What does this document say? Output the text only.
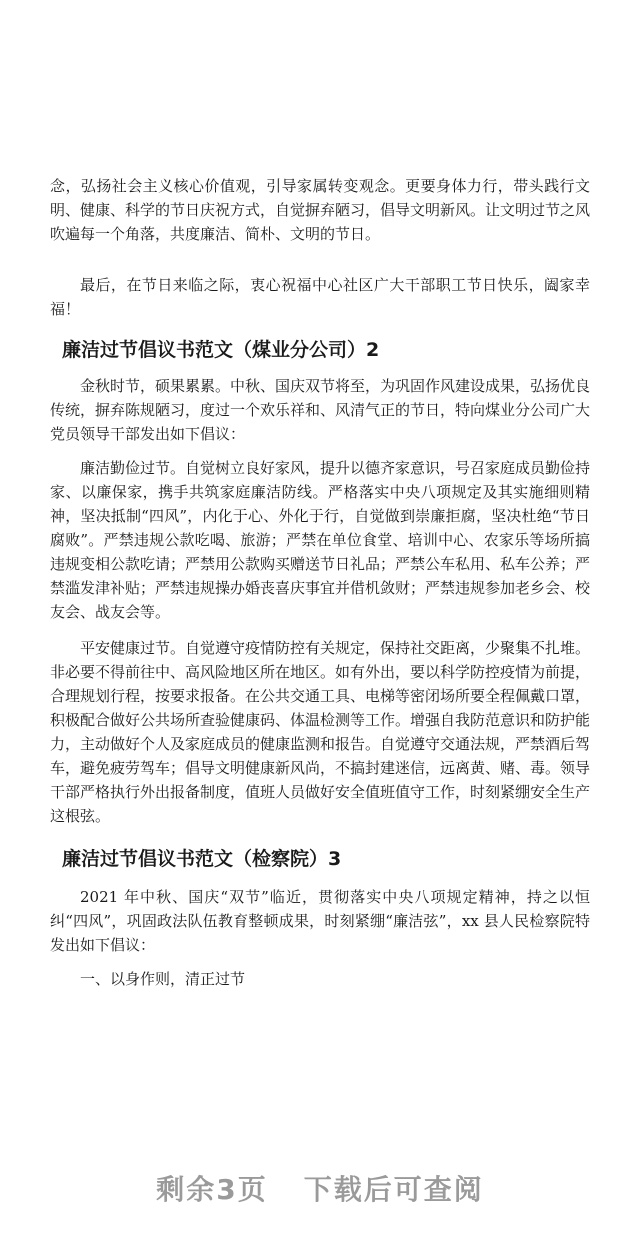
念，弘扬社会主义核心价值观，引导家属转变观念。更要身体力行，带头践行文明、健康、科学的节日庆祝方式，自觉摒弃陋习，倡导文明新风。让文明过节之风吹遍每一个角落，共度廉洁、简朴、文明的节日。

最后，在节日来临之际，衷心祝福中心社区广大干部职工节日快乐，阖家幸福！

廉洁过节倡议书范文（煤业分公司）2

金秋时节，硕果累累。中秋、国庆双节将至，为巩固作风建设成果，弘扬优良传统，摒弃陈规陋习，度过一个欢乐祥和、风清气正的节日，特向煤业分公司广大党员领导干部发出如下倡议：

廉洁勤俭过节。自觉树立良好家风，提升以德齐家意识，号召家庭成员勤俭持家、以廉保家，携手共筑家庭廉洁防线。严格落实中央八项规定及其实施细则精神，坚决抵制“四风”，内化于心、外化于行，自觉做到崇廉拒腐，坚决杜绝“节日腐败”。严禁违规公款吃喝、旅游；严禁在单位食堂、培训中心、农家乐等场所搞违规变相公款吃请；严禁用公款购买赠送节日礼品；严禁公车私用、私车公养；严禁滥发津补贴；严禁违规操办婚丧喜庆事宜并借机敛财；严禁违规参加老乡会、校友会、战友会等。

平安健康过节。自觉遵守疫情防控有关规定，保持社交距离，少聚集不扎堆。非必要不得前往中、高风险地区所在地区。如有外出，要以科学防控疫情为前提，合理规划行程，按要求报备。在公共交通工具、电梯等密闭场所要全程佩戴口罩，积极配合做好公共场所查验健康码、体温检测等工作。增强自我防范意识和防护能力，主动做好个人及家庭成员的健康监测和报告。自觉遵守交通法规，严禁酒后驾车，避免疲劳驾车；倡导文明健康新风尚，不搞封建迷信，远离黄、赌、毒。领导干部严格执行外出报备制度，值班人员做好安全值班值守工作，时刻紧绷安全生产这根弦。

廉洁过节倡议书范文（检察院）3

2021 年中秋、国庆“双节”临近，贯彻落实中央八项规定精神，持之以恒纠“四风”，巩固政法队伍教育整顿成果，时刻紧绷“廉洁弦”，xx 县人民检察院特发出如下倡议：

一、以身作则，清正过节

剩余3页 下载后可查阅
